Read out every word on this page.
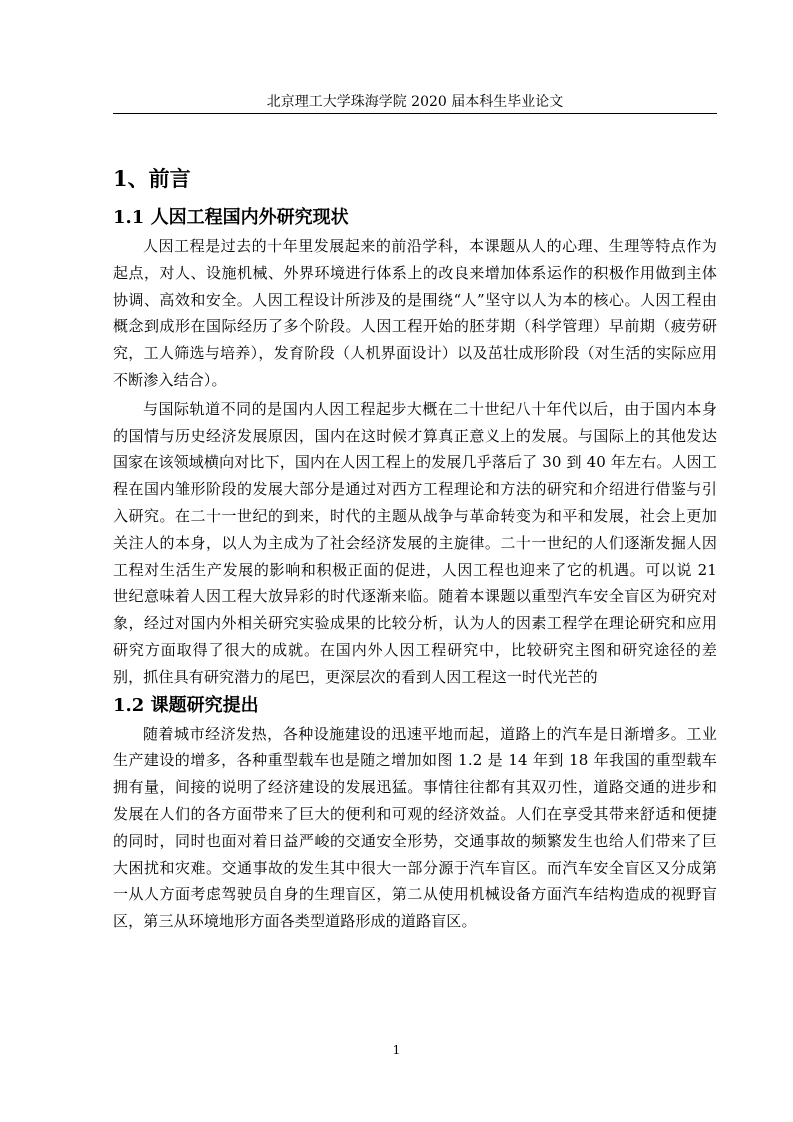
北京理工大学珠海学院 2020 届本科生毕业论文
1、前言
1.1 人因工程国内外研究现状

人因工程是过去的十年里发展起来的前沿学科，本课题从人的心理、生理等特点作为起点，对人、设施机械、外界环境进行体系上的改良来增加体系运作的积极作用做到主体协调、高效和安全。人因工程设计所涉及的是围绕“人”坚守以人为本的核心。人因工程由概念到成形在国际经历了多个阶段。人因工程开始的胚芽期（科学管理）早前期（疲劳研究，工人筛选与培养），发育阶段（人机界面设计）以及茁壮成形阶段（对生活的实际应用不断渗入结合）。

与国际轨道不同的是国内人因工程起步大概在二十世纪八十年代以后，由于国内本身的国情与历史经济发展原因，国内在这时候才算真正意义上的发展。与国际上的其他发达国家在该领域横向对比下，国内在人因工程上的发展几乎落后了 30 到 40 年左右。人因工程在国内雏形阶段的发展大部分是通过对西方工程理论和方法的研究和介绍进行借鉴与引入研究。在二十一世纪的到来，时代的主题从战争与革命转变为和平和发展，社会上更加关注人的本身，以人为主成为了社会经济发展的主旋律。二十一世纪的人们逐渐发掘人因工程对生活生产发展的影响和积极正面的促进，人因工程也迎来了它的机遇。可以说 21 世纪意味着人因工程大放异彩的时代逐渐来临。随着本课题以重型汽车安全盲区为研究对象，经过对国内外相关研究实验成果的比较分析，认为人的因素工程学在理论研究和应用研究方面取得了很大的成就。在国内外人因工程研究中，比较研究主图和研究途径的差别，抓住具有研究潜力的尾巴，更深层次的看到人因工程这一时代光芒的

1.2 课题研究提出

随着城市经济发热，各种设施建设的迅速平地而起，道路上的汽车是日渐增多。工业生产建设的增多，各种重型载车也是随之增加如图 1.2 是 14 年到 18 年我国的重型载车拥有量，间接的说明了经济建设的发展迅猛。事情往往都有其双刃性，道路交通的进步和发展在人们的各方面带来了巨大的便利和可观的经济效益。人们在享受其带来舒适和便捷的同时，同时也面对着日益严峻的交通安全形势，交通事故的频繁发生也给人们带来了巨大困扰和灾难。交通事故的发生其中很大一部分源于汽车盲区。而汽车安全盲区又分成第一从人方面考虑驾驶员自身的生理盲区，第二从使用机械设备方面汽车结构造成的视野盲区，第三从环境地形方面各类型道路形成的道路盲区。

1
